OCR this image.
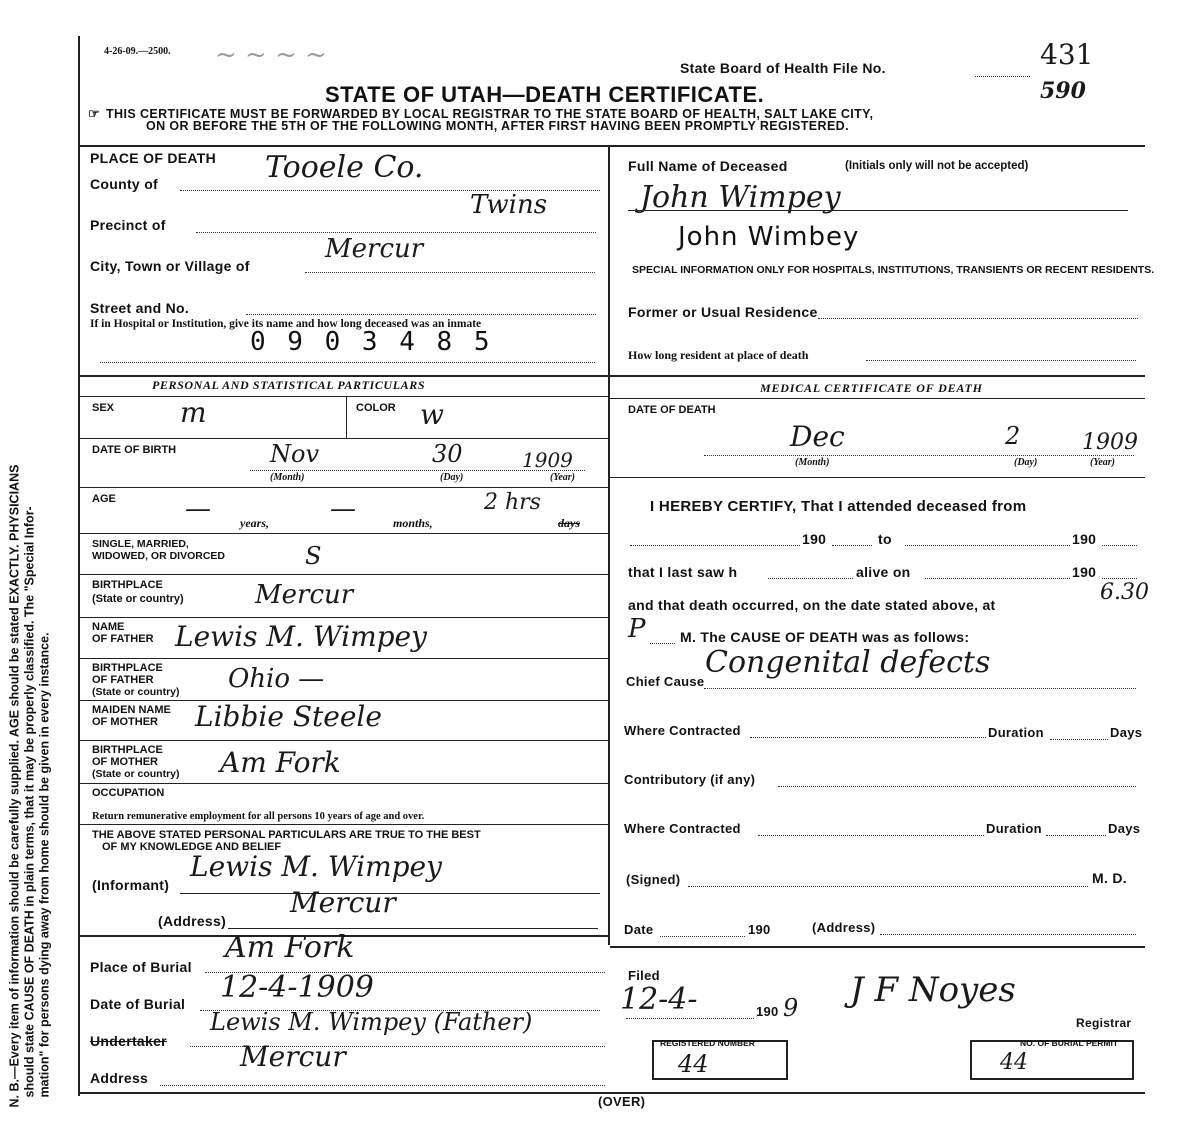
N. B.—Every item of information should be carefully supplied. AGE should be stated EXACTLY. PHYSICIANS should state CAUSE OF DEATH in plain terms, that it may be properly classified. The "Special Infor- mation" for persons dying away from home should be given in every instance.
4-26-09.—2500. ~ ~ ~ ~	State Board of Health File No.	431
590
STATE OF UTAH—DEATH CERTIFICATE.
☞ THIS CERTIFICATE MUST BE FORWARDED BY LOCAL REGISTRAR TO THE STATE BOARD OF HEALTH, SALT LAKE CITY,
ON OR BEFORE THE 5TH OF THE FOLLOWING MONTH, AFTER FIRST HAVING BEEN PROMPTLY REGISTERED.
PLACE OF DEATH
County of	Tooele Co.
Twins
Precinct of
City, Town or Village of
Mercur
Street and No.
If in Hospital or Institution, give its name and how long deceased was an inmate
0 9 0 3 4 8 5
Full Name of Deceased	(Initials only will not be accepted)
John Wimpey
John Wimbey
SPECIAL INFORMATION ONLY FOR HOSPITALS, INSTITUTIONS, TRANSIENTS OR RECENT RESIDENTS.
Former or Usual Residence
How long resident at place of death
PERSONAL AND STATISTICAL PARTICULARS
SEX m	COLOR w
DATE OF BIRTH	Nov	30	1909
(Month)	(Day)	(Year)
AGE	— years, —	months,
2 hrs
days
SINGLE, MARRIED,
WIDOWED, OR DIVORCED	S
BIRTHPLACE
(State or country)	Mercur
NAME
OF FATHER Lewis M. Wimpey
BIRTHPLACE
OF FATHER
(State or country) Ohio —
MAIDEN NAME
OF MOTHER Libbie Steele
BIRTHPLACE
OF MOTHER
(State or country) Am Fork
OCCUPATION
Return remunerative employment for all persons 10 years of age and over.
THE ABOVE STATED PERSONAL PARTICULARS ARE TRUE TO THE BEST
OF MY KNOWLEDGE AND BELIEF
(Informant)
Lewis M. Wimpey
(Address)
Mercur
Place of Burial
Am Fork
Date of Burial 12-4-1909
Undertaker
Lewis M. Wimpey (Father)
Address
Mercur
MEDICAL CERTIFICATE OF DEATH
DATE OF DEATH
Dec	2	1909
(Month)	(Day)	(Year)
I HEREBY CERTIFY, That I attended deceased from
190	to	190
that I last saw h	alive on	190
and that death occurred, on the date stated above, at	6.30
P M. The CAUSE OF DEATH was as follows:
Chief Cause
Congenital defects
Where Contracted	Duration	Days
Contributory (if any)
Where Contracted	Duration	Days
(Signed)	M. D.
Date	190	(Address)
Filed
12-4-	190 9 J F Noyes
Registrar
REGISTERED NUMBER
44
NO. OF BURIAL PERMIT
44
(OVER)
